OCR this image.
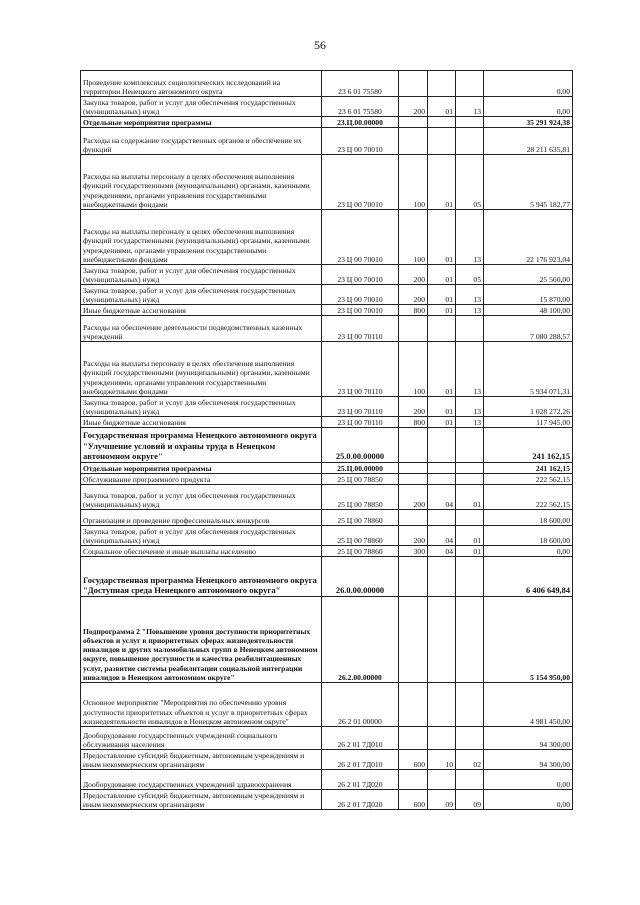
56
Проведение комплексных социологических исследований на территории Ненецкого автономного округа	23 6 01 75580				0,00
Закупка товаров, работ и услуг для обеспечения государственных (муниципальных) нужд	23 6 01 75580	200	01	13	0,00
Отдельные мероприятия программы	23.Ц.00.00000				35 291 924,38
Расходы на содержание государственных органов и обеспечение их функций	23 Ц 00 70010				28 211 635,81
Расходы на выплаты персоналу в целях обеспечения выполнения функций государственными (муниципальными) органами, казенными учреждениями, органами управления государственными внебюджетными фондами	23 Ц 00 70010	100	01	05	5 945 182,77
Расходы на выплаты персоналу в целях обеспечения выполнения функций государственными (муниципальными) органами, казенными учреждениями, органами управления государственными внебюджетными фондами	23 Ц 00 70010	100	01	13	22 176 923,04
Закупка товаров, работ и услуг для обеспечения государственных (муниципальных) нужд	23 Ц 00 70010	200	01	05	25 560,00
Закупка товаров, работ и услуг для обеспечения государственных (муниципальных) нужд	23 Ц 00 70010	200	01	13	15 870,00
Иные бюджетные ассигнования	23 Ц 00 70010	800	01	13	48 100,00
Расходы на обеспечение деятельности подведомственных казенных учреждений	23 Ц 00 70110				7 080 288,57
Расходы на выплаты персоналу в целях обеспечения выполнения функций государственными (муниципальными) органами, казенными учреждениями, органами управления государственными внебюджетными фондами	23 Ц 00 70110	100	01	13	5 934 071,31
Закупка товаров, работ и услуг для обеспечения государственных (муниципальных) нужд	23 Ц 00 70110	200	01	13	1 028 272,26
Иные бюджетные ассигнования	23 Ц 00 70110	800	01	13	117 945,00
Государственная программа Ненецкого автономного округа "Улучшение условий и охраны труда в Ненецком автономном округе"	25.0.00.00000				241 162,15
Отдельные мероприятия программы	25.Ц.00.00000				241 162,15
Обслуживание программного продукта	25 Ц 00 78850				222 562,15
Закупка товаров, работ и услуг для обеспечения государственных (муниципальных) нужд	25 Ц 00 78850	200	04	01	222 562,15
Организация и проведение профессиональных конкурсов	25 Ц 00 78860				18 600,00
Закупка товаров, работ и услуг для обеспечения государственных (муниципальных) нужд	25 Ц 00 78860	200	04	01	18 600,00
Социальное обеспечение и иные выплаты населению	25 Ц 00 78860	300	04	01	0,00
Государственная программа Ненецкого автономного округа "Доступная среда Ненецкого автономного округа"	26.0.00.00000				6 406 649,84
Подпрограмма 2 "Повышение уровня доступности приоритетных объектов и услуг в приоритетных сферах жизнедеятельности инвалидов и других маломобильных групп в Ненецком автономном округе, повышение доступности и качества реабилитационных услуг, развитие системы реабилитации социальной интеграции инвалидов в Ненецком автономном округе"	26.2.00.00000				5 154 950,00
Основное мероприятие "Мероприятия по обеспечению уровня доступности приоритетных объектов и услуг в приоритетных сферах жизнедеятельности инвалидов в Ненецком автономном округе"	26 2 01 00000				4 981 450,00
Дооборудование государственных учреждений социального обслуживания населения	26 2 01 7Д010				94 300,00
Предоставление субсидий бюджетным, автономным учреждениям и иным некоммерческим организациям	26 2 01 7Д010	600	10	02	94 300,00
Дооборудование государственных учреждений здравоохранения	26 2 01 7Д020				0,00
Предоставление субсидий бюджетным, автономным учреждениям и иным некоммерческим организациям	26 2 01 7Д020	600	09	09	0,00
